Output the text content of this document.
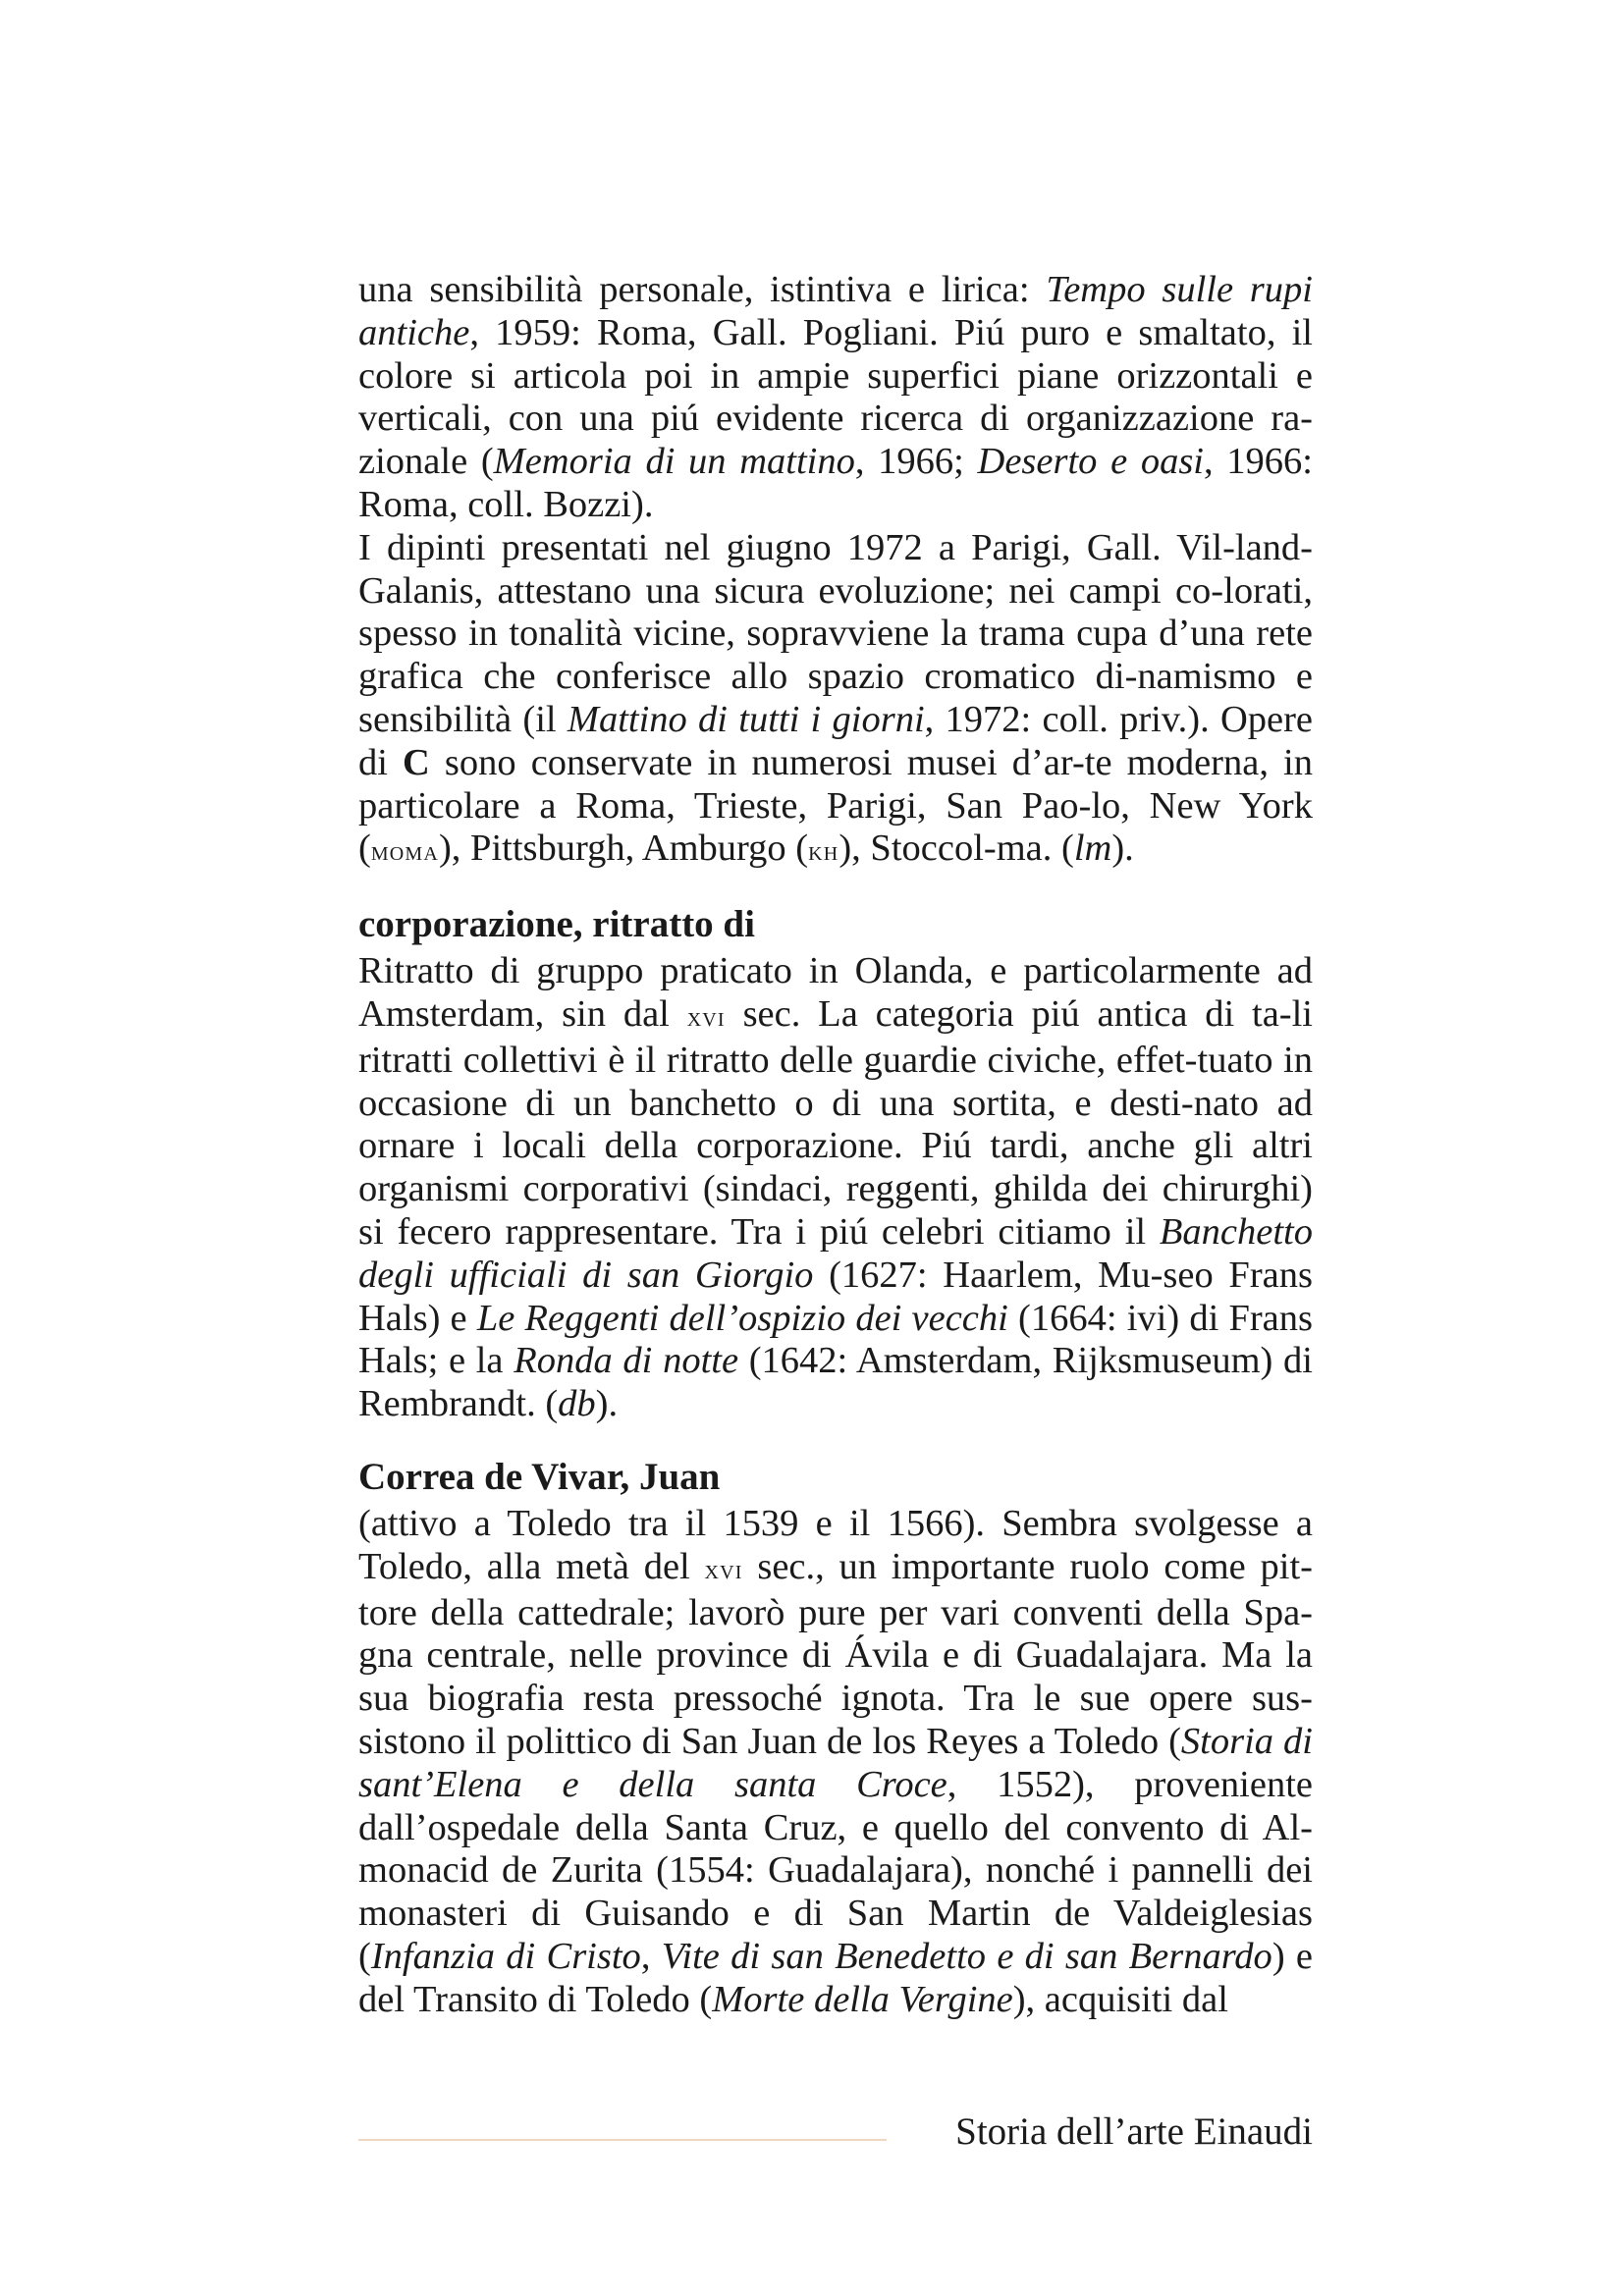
una sensibilità personale, istintiva e lirica: Tempo sulle rupi antiche, 1959: Roma, Gall. Pogliani. Piú puro e smaltato, il colore si articola poi in ampie superfici piane orizzontali e verticali, con una piú evidente ricerca di organizzazione ra-zionale (Memoria di un mattino, 1966; Deserto e oasi, 1966: Roma, coll. Bozzi).

I dipinti presentati nel giugno 1972 a Parigi, Gall. Vil-land-Galanis, attestano una sicura evoluzione; nei campi co-lorati, spesso in tonalità vicine, sopravviene la trama cupa d’una rete grafica che conferisce allo spazio cromatico di-namismo e sensibilità (il Mattino di tutti i giorni, 1972: coll. priv.). Opere di C sono conservate in numerosi musei d’ar-te moderna, in particolare a Roma, Trieste, Parigi, San Pao-lo, New York (moma), Pittsburgh, Amburgo (kh), Stoccol-ma. (lm).

corporazione, ritratto di

Ritratto di gruppo praticato in Olanda, e particolarmente ad Amsterdam, sin dal xvi sec. La categoria piú antica di ta-li ritratti collettivi è il ritratto delle guardie civiche, effet-tuato in occasione di un banchetto o di una sortita, e desti-nato ad ornare i locali della corporazione. Piú tardi, anche gli altri organismi corporativi (sindaci, reggenti, ghilda dei chirurghi) si fecero rappresentare. Tra i piú celebri citiamo il Banchetto degli ufficiali di san Giorgio (1627: Haarlem, Mu-seo Frans Hals) e Le Reggenti dell’ospizio dei vecchi (1664: ivi) di Frans Hals; e la Ronda di notte (1642: Amsterdam, Rijksmuseum) di Rembrandt. (db).

Correa de Vivar, Juan

(attivo a Toledo tra il 1539 e il 1566). Sembra svolgesse a Toledo, alla metà del xvi sec., un importante ruolo come pit-tore della cattedrale; lavorò pure per vari conventi della Spa-gna centrale, nelle province di Ávila e di Guadalajara. Ma la sua biografia resta pressoché ignota. Tra le sue opere sus-sistono il polittico di San Juan de los Reyes a Toledo (Storia di sant’Elena e della santa Croce, 1552), proveniente dall’ospedale della Santa Cruz, e quello del convento di Al-monacid de Zurita (1554: Guadalajara), nonché i pannelli dei monasteri di Guisando e di San Martin de Valdeiglesias (Infanzia di Cristo, Vite di san Benedetto e di san Bernardo) e del Transito di Toledo (Morte della Vergine), acquisiti dal

Storia dell’arte Einaudi
